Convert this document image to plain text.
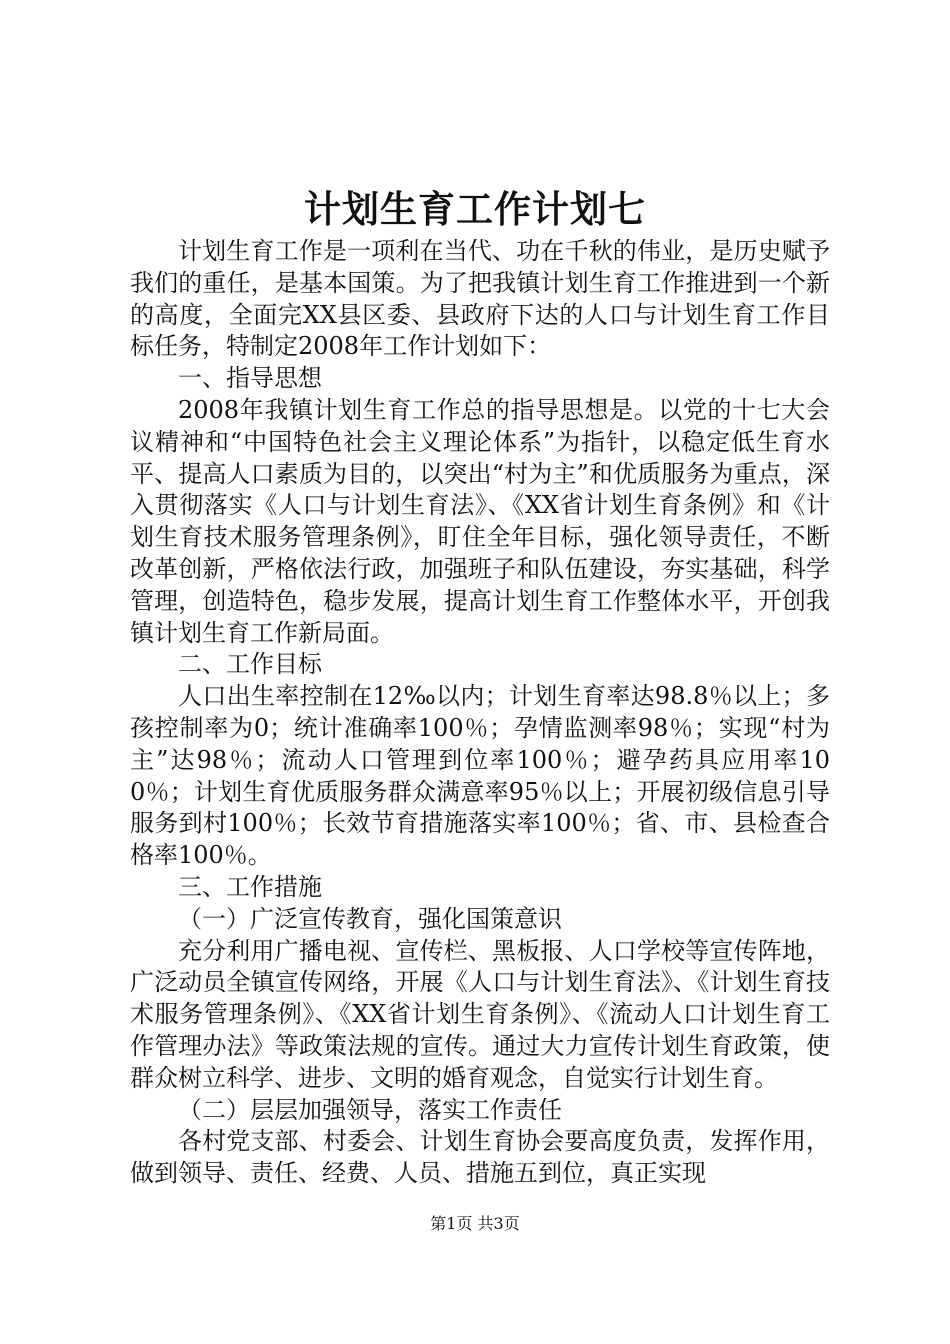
计划生育工作计划七

计划生育工作是一项利在当代、功在千秋的伟业，是历史赋予我们的重任，是基本国策。为了把我镇计划生育工作推进到一个新的高度，全面完XX县区委、县政府下达的人口与计划生育工作目标任务，特制定2008年工作计划如下：

一、指导思想

2008年我镇计划生育工作总的指导思想是。以党的十七大会议精神和“中国特色社会主义理论体系”为指针，以稳定低生育水平、提高人口素质为目的，以突出“村为主”和优质服务为重点，深入贯彻落实《人口与计划生育法》、《XX省计划生育条例》和《计划生育技术服务管理条例》，盯住全年目标，强化领导责任，不断改革创新，严格依法行政，加强班子和队伍建设，夯实基础，科学管理，创造特色，稳步发展，提高计划生育工作整体水平，开创我镇计划生育工作新局面。

二、工作目标

人口出生率控制在12‰以内；计划生育率达98.8％以上；多孩控制率为0；统计准确率100％；孕情监测率98％；实现“村为主”达98％；流动人口管理到位率100％；避孕药具应用率100％；计划生育优质服务群众满意率95％以上；开展初级信息引导服务到村100％；长效节育措施落实率100％；省、市、县检查合格率100％。

三、工作措施

（一）广泛宣传教育，强化国策意识

充分利用广播电视、宣传栏、黑板报、人口学校等宣传阵地，广泛动员全镇宣传网络，开展《人口与计划生育法》、《计划生育技术服务管理条例》、《XX省计划生育条例》、《流动人口计划生育工作管理办法》等政策法规的宣传。通过大力宣传计划生育政策，使群众树立科学、进步、文明的婚育观念，自觉实行计划生育。

（二）层层加强领导，落实工作责任

各村党支部、村委会、计划生育协会要高度负责，发挥作用，做到领导、责任、经费、人员、措施五到位，真正实现

第1页 共3页
